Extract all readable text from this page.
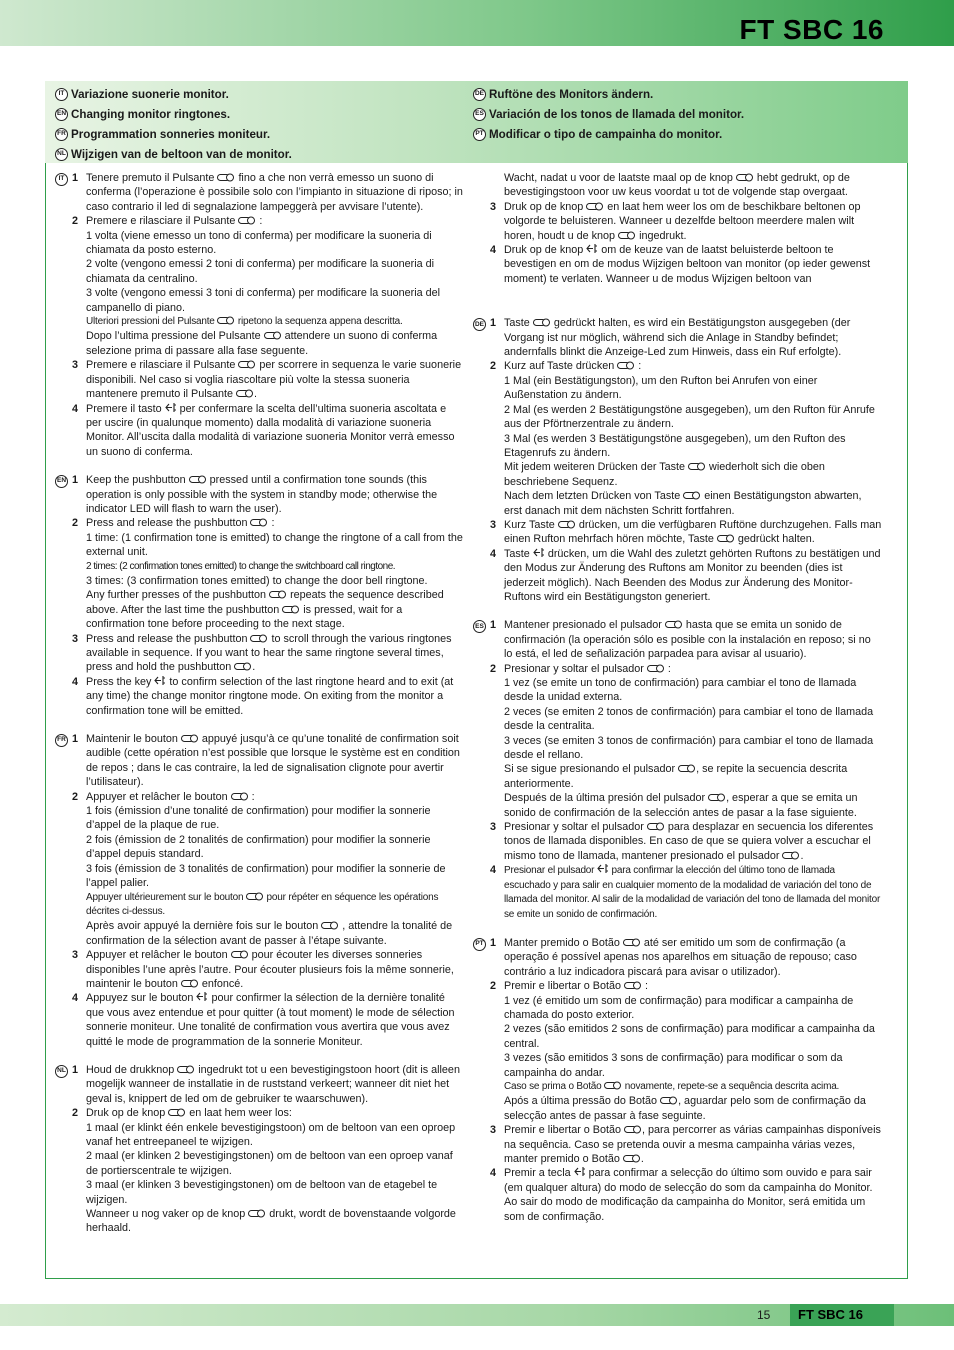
FT SBC 16
IT Variazione suonerie monitor.
EN Changing monitor ringtones.
FR Programmation sonneries moniteur.
NL Wijzigen van de beltoon van de monitor.
DE Ruftöne des Monitors ändern.
ES Variación de los tonos de llamada del monitor.
PT Modificar o tipo de campainha do monitor.
IT 1 Tenere premuto il Pulsante fino a che non verrà emesso un suono di conferma (l’operazione è possibile solo con l’impianto in situazione di riposo; in caso contrario il led di segnalazione lampeggerà per avvisare l’utente).

2 Premere e rilasciare il Pulsante :

1 volta (viene emesso un tono di conferma) per modificare la suoneria di chiamata da posto esterno.

2 volte (vengono emessi 2 toni di conferma) per modificare la suoneria di chiamata da centralino.

3 volte (vengono emessi 3 toni di conferma) per modificare la suoneria del campanello di piano.

Ulteriori pressioni del Pulsante ripetono la sequenza appena descritta.

Dopo l’ultima pressione del Pulsante attendere un suono di conferma selezione prima di passare alla fase seguente.

3 Premere e rilasciare il Pulsante per scorrere in sequenza le varie suonerie disponibili. Nel caso si voglia riascoltare più volte la stessa suoneria mantenere premuto il Pulsante .

4 Premere il tasto per confermare la scelta dell’ultima suoneria ascoltata e per uscire (in qualunque momento) dalla modalità di variazione suoneria Monitor. All’uscita dalla modalità di variazione suoneria Monitor verrà emesso un suono di conferma.

EN 1 Keep the pushbutton pressed until a confirmation tone sounds (this operation is only possible with the system in standby mode; otherwise the indicator LED will flash to warn the user).

2 Press and release the pushbutton :

1 time: (1 confirmation tone is emitted) to change the ringtone of a call from the external unit.

2 times: (2 confirmation tones emitted) to change the switchboard call ringtone.

3 times: (3 confirmation tones emitted) to change the door bell ringtone.

Any further presses of the pushbutton repeats the sequence described above. After the last time the pushbutton is pressed, wait for a confirmation tone before proceeding to the next stage.

3 Press and release the pushbutton to scroll through the various ringtones available in sequence. If you want to hear the same ringtone several times, press and hold the pushbutton .

4 Press the key to confirm selection of the last ringtone heard and to exit (at any time) the change monitor ringtone mode. On exiting from the monitor a confirmation tone will be emitted.

FR 1 Maintenir le bouton appuyé jusqu’à ce qu’une tonalité de confirmation soit audible (cette opération n’est possible que lorsque le système est en condition de repos ; dans le cas contraire, la led de signalisation clignote pour avertir l’utilisateur).

2 Appuyer et relâcher le bouton :

1 fois (émission d’une tonalité de confirmation) pour modifier la sonnerie d’appel de la plaque de rue.

2 fois (émission de 2 tonalités de confirmation) pour modifier la sonnerie d’appel depuis standard.

3 fois (émission de 3 tonalités de confirmation) pour modifier la sonnerie de l’appel palier.

Appuyer ultérieurement sur le bouton pour répéter en séquence les opérations décrites ci-dessus.

Après avoir appuyé la dernière fois sur le bouton , attendre la tonalité de confirmation de la sélection avant de passer à l’étape suivante.

3 Appuyer et relâcher le bouton pour écouter les diverses sonneries disponibles l’une après l’autre. Pour écouter plusieurs fois la même sonnerie, maintenir le bouton enfoncé.

4 Appuyez sur le bouton pour confirmer la sélection de la dernière tonalité que vous avez entendue et pour quitter (à tout moment) le mode de sélection sonnerie moniteur. Une tonalité de confirmation vous avertira que vous avez quitté le mode de programmation de la sonnerie Moniteur.

NL 1 Houd de drukknop ingedrukt tot u een bevestigingstoon hoort (dit is alleen mogelijk wanneer de installatie in de ruststand verkeert; wanneer dit niet het geval is, knippert de led om de gebruiker te waarschuwen).

2 Druk op de knop en laat hem weer los:

1 maal (er klinkt één enkele bevestigingstoon) om de beltoon van een oproep vanaf het entreepaneel te wijzigen.

2 maal (er klinken 2 bevestigingstonen) om de beltoon van een oproep vanaf de portierscentrale te wijzigen.

3 maal (er klinken 3 bevestigingstonen) om de beltoon van de etagebel te wijzigen.

Wanneer u nog vaker op de knop drukt, wordt de bovenstaande volgorde herhaald.

Wacht, nadat u voor de laatste maal op de knop hebt gedrukt, op de bevestigingstoon voor uw keus voordat u tot de volgende stap overgaat.

3 Druk op de knop en laat hem weer los om de beschikbare beltonen op volgorde te beluisteren. Wanneer u dezelfde beltoon meerdere malen wilt horen, houdt u de knop ingedrukt.

4 Druk op de knop om de keuze van de laatst beluisterde beltoon te bevestigen en om de modus Wijzigen beltoon van monitor (op ieder gewenst moment) te verlaten. Wanneer u de modus Wijzigen beltoon van

DE 1 Taste gedrückt halten, es wird ein Bestätigungston ausgegeben (der Vorgang ist nur möglich, während sich die Anlage in Standby befindet; andernfalls blinkt die Anzeige-Led zum Hinweis, dass ein Ruf erfolgte).

2 Kurz auf Taste drücken :

1 Mal (ein Bestätigungston), um den Rufton bei Anrufen von einer Außenstation zu ändern.

2 Mal (es werden 2 Bestätigungstöne ausgegeben), um den Rufton für Anrufe aus der Pförtnerzentrale zu ändern.

3 Mal (es werden 3 Bestätigungstöne ausgegeben), um den Rufton des Etagenrufs zu ändern.

Mit jedem weiteren Drücken der Taste wiederholt sich die oben beschriebene Sequenz.

Nach dem letzten Drücken von Taste einen Bestätigungston abwarten, erst danach mit dem nächsten Schritt fortfahren.

3 Kurz Taste drücken, um die verfügbaren Ruftöne durchzugehen. Falls man einen Rufton mehrfach hören möchte, Taste gedrückt halten.

4 Taste drücken, um die Wahl des zuletzt gehörten Ruftons zu bestätigen und den Modus zur Änderung des Ruftons am Monitor zu beenden (dies ist jederzeit möglich). Nach Beenden des Modus zur Änderung des Monitor-Ruftons wird ein Bestätigungston generiert.

ES 1 Mantener presionado el pulsador hasta que se emita un sonido de confirmación (la operación sólo es posible con la instalación en reposo; si no lo está, el led de señalización parpadea para avisar al usuario).

2 Presionar y soltar el pulsador :

1 vez (se emite un tono de confirmación) para cambiar el tono de llamada desde la unidad externa.

2 veces (se emiten 2 tonos de confirmación) para cambiar el tono de llamada desde la centralita.

3 veces (se emiten 3 tonos de confirmación) para cambiar el tono de llamada desde el rellano.

Si se sigue presionando el pulsador , se repite la secuencia descrita anteriormente.

Después de la última presión del pulsador , esperar a que se emita un sonido de confirmación de la selección antes de pasar a la fase siguiente.

3 Presionar y soltar el pulsador para desplazar en secuencia los diferentes tonos de llamada disponibles. En caso de que se quiera volver a escuchar el mismo tono de llamada, mantener presionado el pulsador .

4 Presionar el pulsador para confirmar la elección del último tono de llamada escuchado y para salir en cualquier momento de la modalidad de variación del tono de llamada del monitor. Al salir de la modalidad de variación del tono de llamada del monitor se emite un sonido de confirmación.

PT 1 Manter premido o Botão até ser emitido um som de confirmação (a operação é possível apenas nos aparelhos em situação de repouso; caso contrário a luz indicadora piscará para avisar o utilizador).

2 Premir e libertar o Botão :

1 vez (é emitido um som de confirmação) para modificar a campainha de chamada do posto exterior.

2 vezes (são emitidos 2 sons de confirmação) para modificar a campainha da central.

3 vezes (são emitidos 3 sons de confirmação) para modificar o som da campainha do andar.

Caso se prima o Botão novamente, repete-se a sequência descrita acima.

Após a última pressão do Botão , aguardar pelo som de confirmação da selecção antes de passar à fase seguinte.

3 Premir e libertar o Botão , para percorrer as várias campainhas disponíveis na sequência. Caso se pretenda ouvir a mesma campainha várias vezes, manter premido o Botão .

4 Premir a tecla para confirmar a selecção do último som ouvido e para sair (em qualquer altura) do modo de selecção do som da campainha do Monitor. Ao sair do modo de modificação da campainha do Monitor, será emitida um som de confirmação.

15 FT SBC 16
